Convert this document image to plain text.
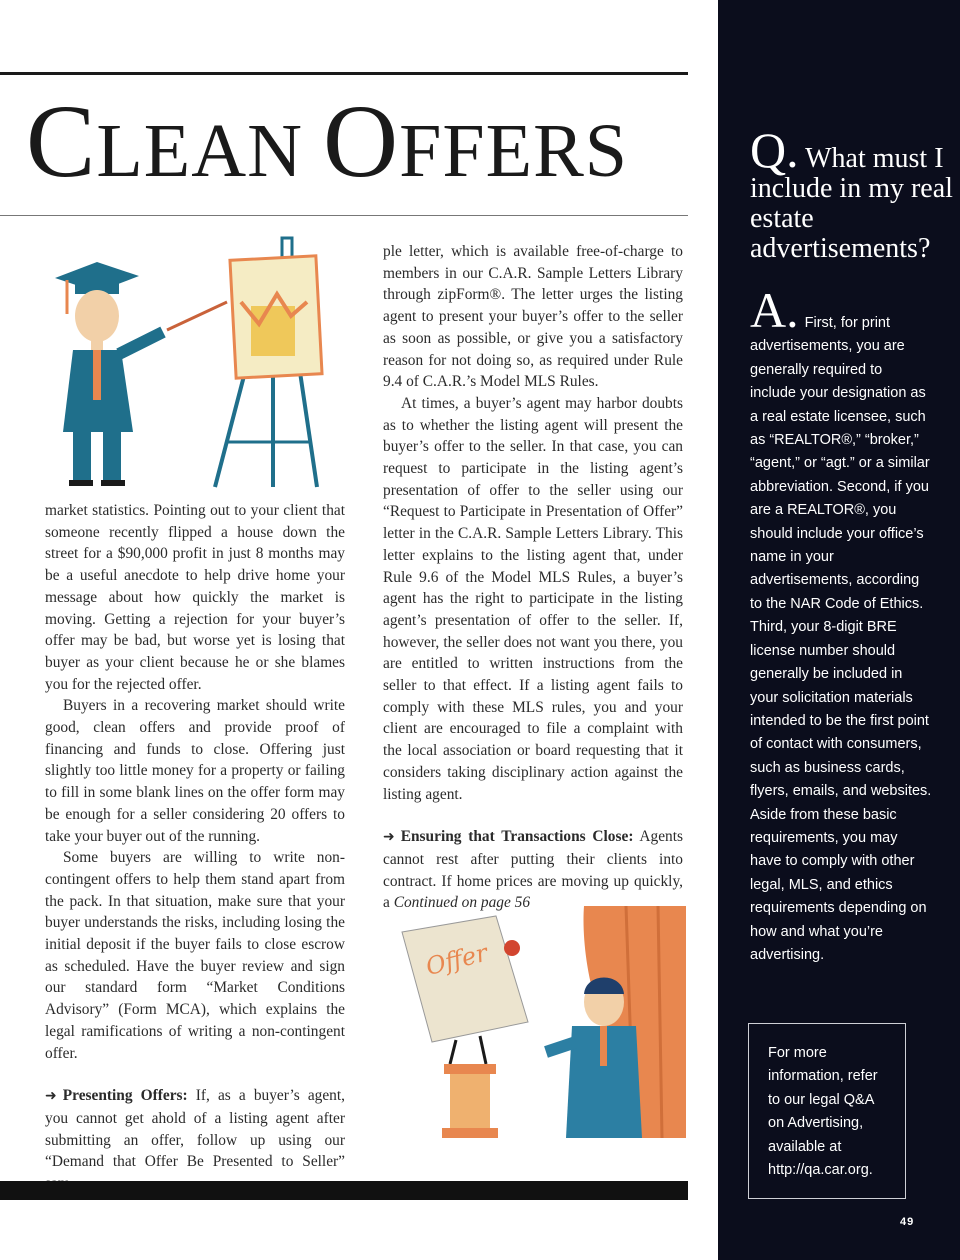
CLEAN OFFERS

market statistics. Pointing out to your client that someone recently flipped a house down the street for a $90,000 profit in just 8 months may be a useful anecdote to help drive home your message about how quickly the market is moving. Getting a rejection for your buyer’s offer may be bad, but worse yet is losing that buyer as your client because he or she blames you for the rejected offer.

Buyers in a recovering market should write good, clean offers and provide proof of financing and funds to close. Offering just slightly too little money for a property or failing to fill in some blank lines on the offer form may be enough for a seller considering 20 offers to take your buyer out of the running.

Some buyers are willing to write non-contingent offers to help them stand apart from the pack. In that situation, make sure that your buyer understands the risks, including losing the initial deposit if the buyer fails to close escrow as scheduled. Have the buyer review and sign our standard form “Market Conditions Advisory” (Form MCA), which explains the legal ramifications of writing a non-contingent offer.

➜ Presenting Offers: If, as a buyer’s agent, you cannot get ahold of a listing agent after submitting an offer, follow up using our “Demand that Offer Be Presented to Seller”

ple letter, which is available free-of-charge to members in our C.A.R. Sample Letters Library through zipForm®. The letter urges the listing agent to present your buyer’s offer to the seller as soon as possible, or give you a satisfactory reason for not doing so, as required under Rule 9.4 of C.A.R.’s Model MLS Rules.

At times, a buyer’s agent may harbor doubts as to whether the listing agent will present the buyer’s offer to the seller. In that case, you can request to participate in the listing agent’s presentation of offer to the seller using our “Request to Participate in Presentation of Offer” letter in the C.A.R. Sample Letters Library. This letter explains to the listing agent that, under Rule 9.6 of the Model MLS Rules, a buyer’s agent has the right to participate in the listing agent’s presentation of offer to the seller. If, however, the seller does not want you there, you are entitled to written instructions from the seller to that effect. If a listing agent fails to comply with these MLS rules, you and your client are encouraged to file a complaint with the local association or board requesting that it considers taking disciplinary action against the listing agent.

➜ Ensuring that Transactions Close: Agents cannot rest after putting their clients into contract. If home prices are moving up quickly, a Continued on page 56

Offer
Q. What must I include in my real estate advertisements?
A. First, for print advertisements, you are generally required to include your designation as a real estate licensee, such as “REALTOR®,” “broker,” “agent,” or “agt.” or a similar abbreviation. Second, if you are a REALTOR®, you should include your office’s name in your advertisements, according to the NAR Code of Ethics. Third, your 8-digit BRE license number should generally be included in your solicitation materials intended to be the first point of contact with consumers, such as business cards, flyers, emails, and websites. Aside from these basic requirements, you may have to comply with other legal, MLS, and ethics requirements depending on how and what you’re advertising.
For more information, refer to our legal Q&A on Advertising, available at http://qa.car.org.
49
